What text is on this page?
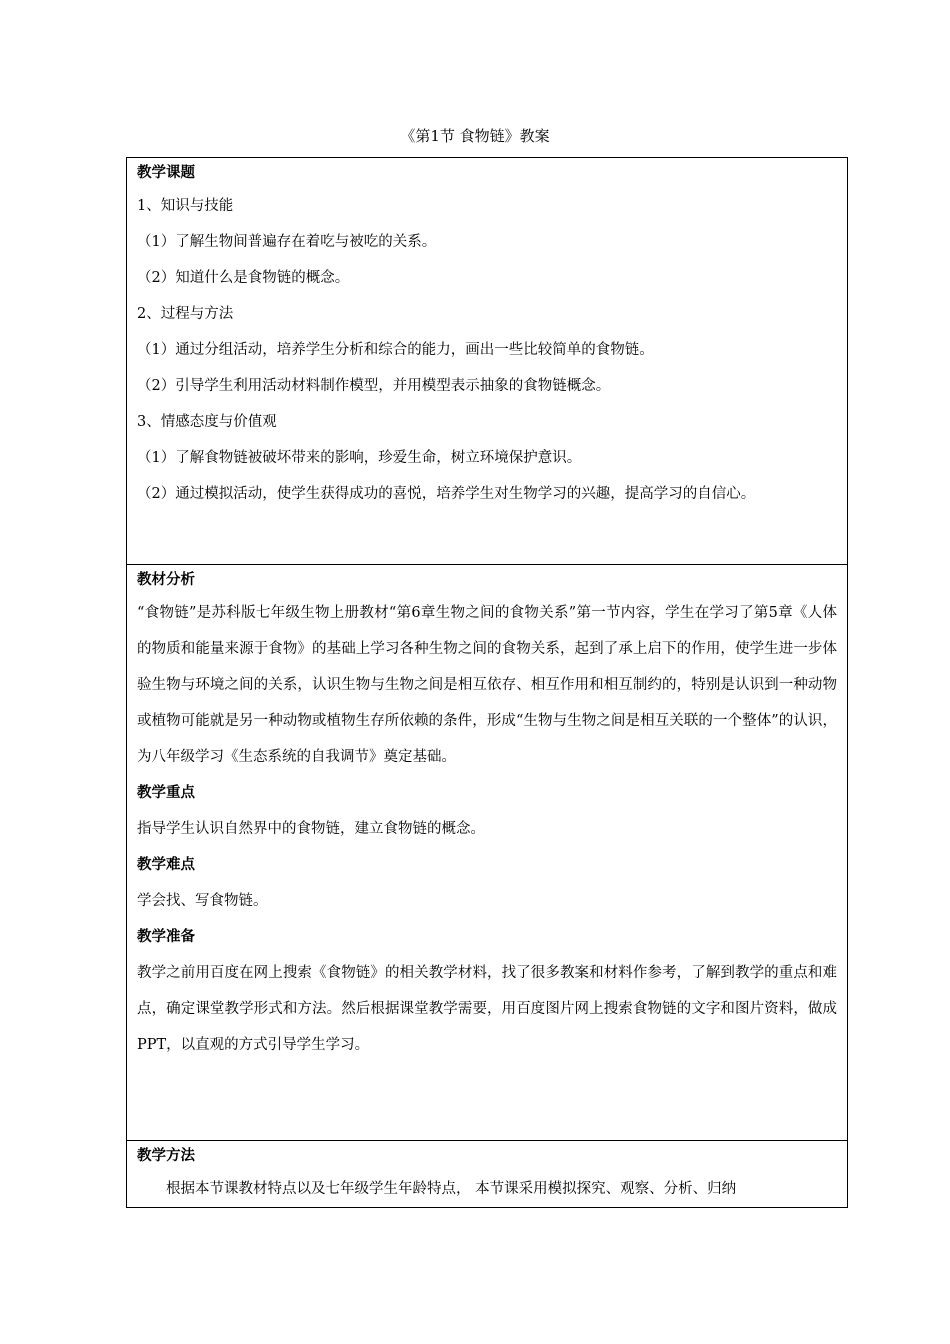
《第1节 食物链》教案
教学课题
1、知识与技能
（1）了解生物间普遍存在着吃与被吃的关系。
（2）知道什么是食物链的概念。
2、过程与方法
（1）通过分组活动，培养学生分析和综合的能力，画出一些比较简单的食物链。
（2）引导学生利用活动材料制作模型，并用模型表示抽象的食物链概念。
3、情感态度与价值观
（1）了解食物链被破坏带来的影响，珍爱生命，树立环境保护意识。
（2）通过模拟活动，使学生获得成功的喜悦，培养学生对生物学习的兴趣，提高学习的自信心。

教材分析
“食物链”是苏科版七年级生物上册教材“第6章生物之间的食物关系”第一节内容，学生在学习了第5章《人体的物质和能量来源于食物》的基础上学习各种生物之间的食物关系，起到了承上启下的作用，使学生进一步体验生物与环境之间的关系，认识生物与生物之间是相互依存、相互作用和相互制约的，特别是认识到一种动物或植物可能就是另一种动物或植物生存所依赖的条件，形成“生物与生物之间是相互关联的一个整体”的认识，为八年级学习《生态系统的自我调节》奠定基础。
教学重点
指导学生认识自然界中的食物链，建立食物链的概念。
教学难点
学会找、写食物链。
教学准备
教学之前用百度在网上搜索《食物链》的相关教学材料，找了很多教案和材料作参考，了解到教学的重点和难点，确定课堂教学形式和方法。然后根据课堂教学需要，用百度图片网上搜索食物链的文字和图片资料，做成PPT，以直观的方式引导学生学习。

教学方法
根据本节课教材特点以及七年级学生年龄特点， 本节课采用模拟探究、观察、分析、归纳
